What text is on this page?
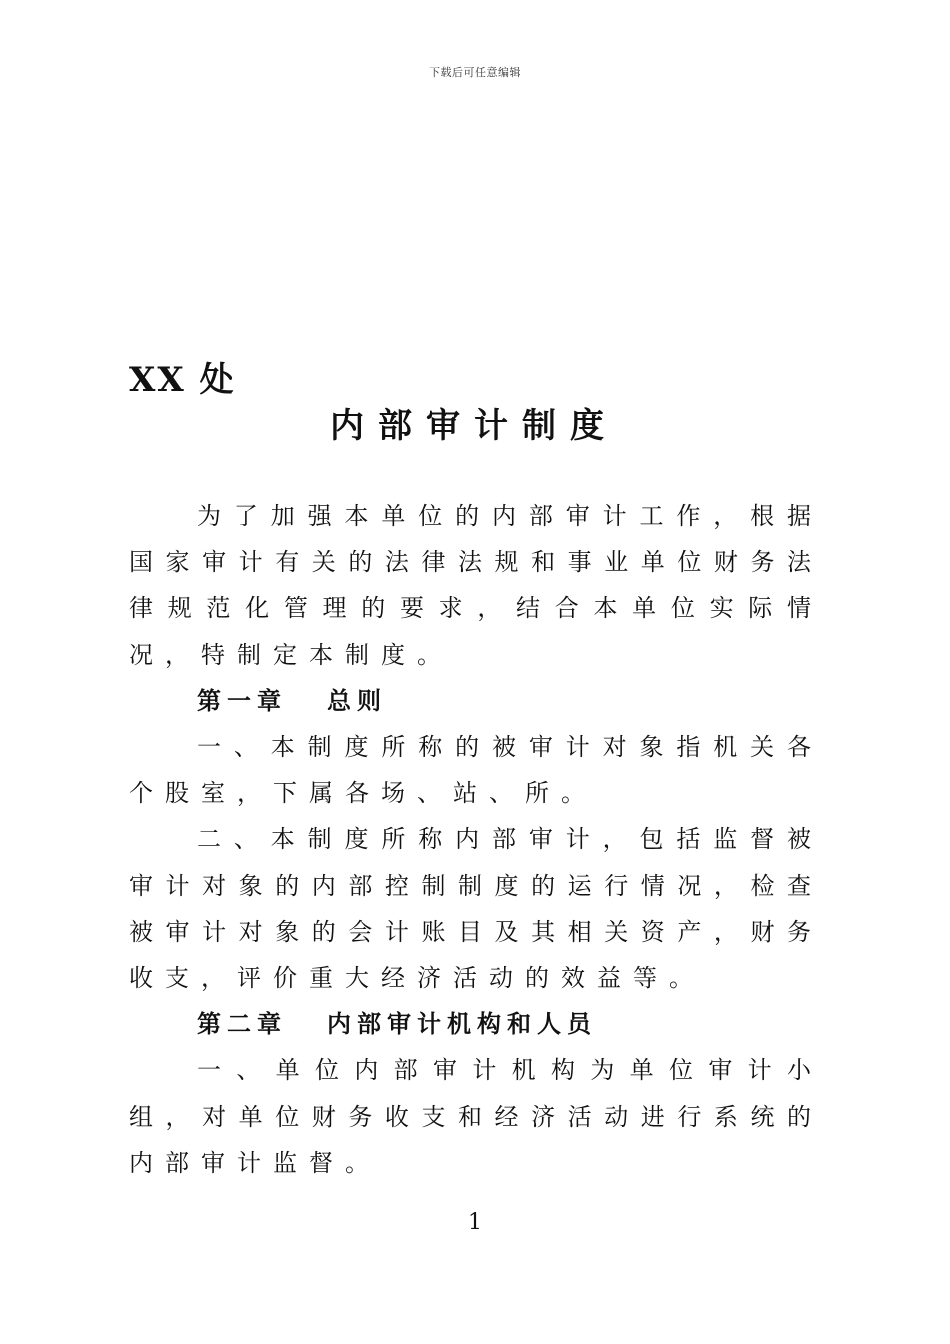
下载后可任意编辑
XX 处
内部审计制度

为了加强本单位的内部审计工作，根据国家审计有关的法律法规和事业单位财务法律规范化管理的要求，结合本单位实际情况，特制定本制度。

第一章 总则

一、本制度所称的被审计对象指机关各个股室，下属各场、站、所。

二、本制度所称内部审计，包括监督被审计对象的内部控制制度的运行情况，检查被审计对象的会计账目及其相关资产，财务收支，评价重大经济活动的效益等。

第二章 内部审计机构和人员

一、单位内部审计机构为单位审计小组，对单位财务收支和经济活动进行系统的内部审计监督。

1
